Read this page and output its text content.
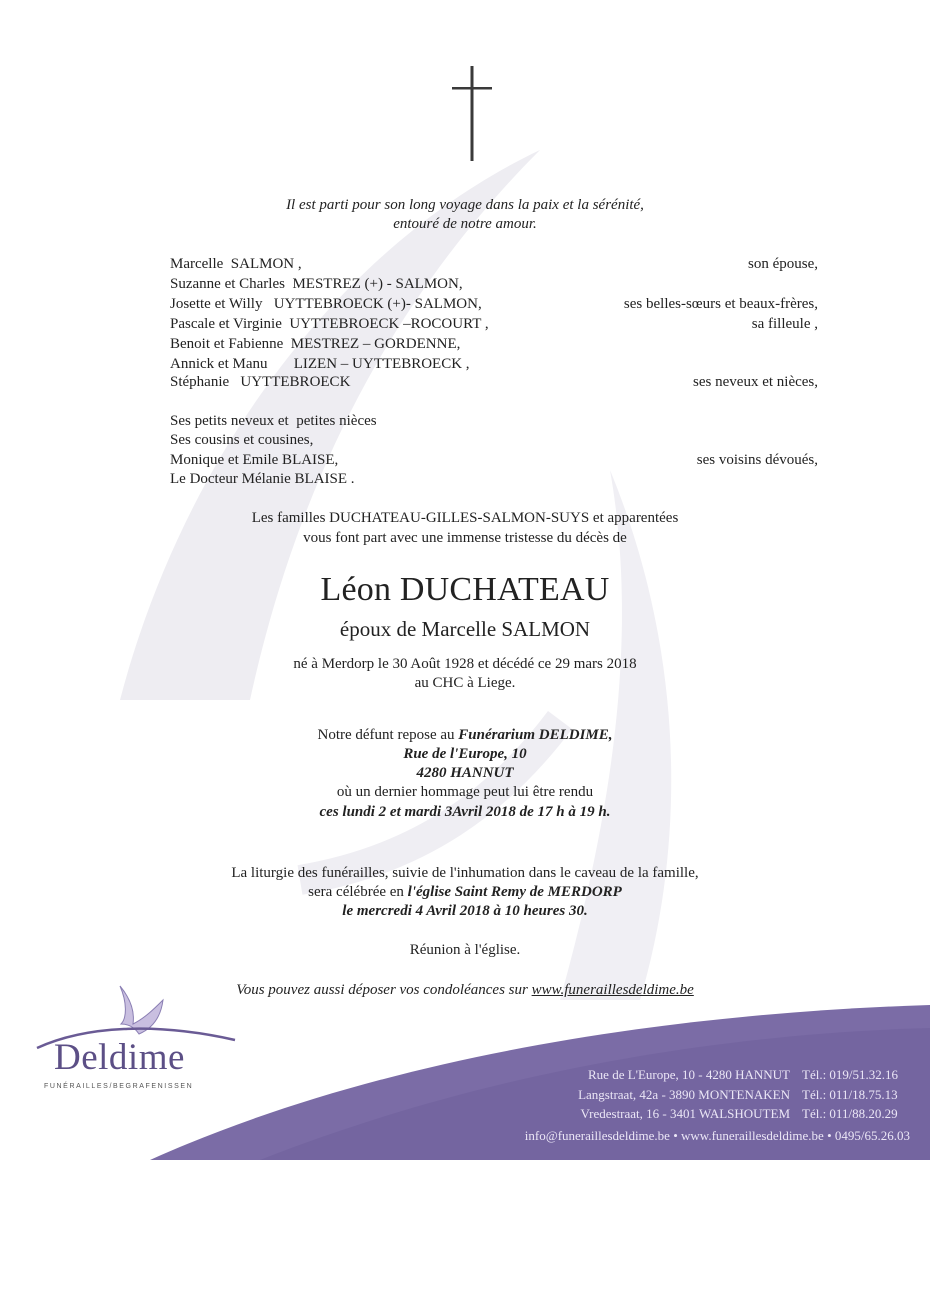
Il est parti pour son long voyage dans la paix et la sérénité,
entouré de notre amour.
Marcelle  SALMON ,	son épouse,
Suzanne et Charles  MESTREZ (+) - SALMON,
Josette et Willy   UYTTEBROECK (+)- SALMON,	ses belles-sœurs et beaux-frères,
Pascale et Virginie  UYTTEBROECK –ROCOURT ,	sa filleule ,
Benoit et Fabienne  MESTREZ – GORDENNE,
Annick et Manu       LIZEN – UYTTEBROECK ,
Stéphanie   UYTTEBROECK	ses neveux et nièces,
Ses petits neveux et  petites nièces
Ses cousins et cousines,
Monique et Emile BLAISE,	ses voisins dévoués,
Le Docteur Mélanie BLAISE .
Les familles DUCHATEAU-GILLES-SALMON-SUYS et apparentées
vous font part avec une immense tristesse du décès de
Léon DUCHATEAU
époux de Marcelle SALMON
né à Merdorp le 30 Août 1928 et décédé ce 29 mars 2018
au CHC à Liege.
Notre défunt repose au Funérarium DELDIME,
Rue de l'Europe, 10
4280 HANNUT
où un dernier hommage peut lui être rendu
ces lundi 2 et mardi 3Avril 2018 de 17 h à 19 h.
La liturgie des funérailles, suivie de l'inhumation dans le caveau de la famille,
sera célébrée en l'église Saint Remy de MERDORP
le mercredi 4 Avril 2018 à 10 heures 30.
Réunion à l'église.
Vous pouvez aussi déposer vos condoléances sur www.funeraillesdeldime.be
Deldime
FUNÉRAILLES/BEGRAFENISSEN
Rue de L'Europe, 10 - 4280 HANNUT Tél.: 019/51.32.16
Langstraat, 42a - 3890 MONTENAKEN Tél.: 011/18.75.13
Vredestraat, 16 - 3401 WALSHOUTEM Tél.: 011/88.20.29
info@funeraillesdeldime.be • www.funeraillesdeldime.be • 0495/65.26.03
